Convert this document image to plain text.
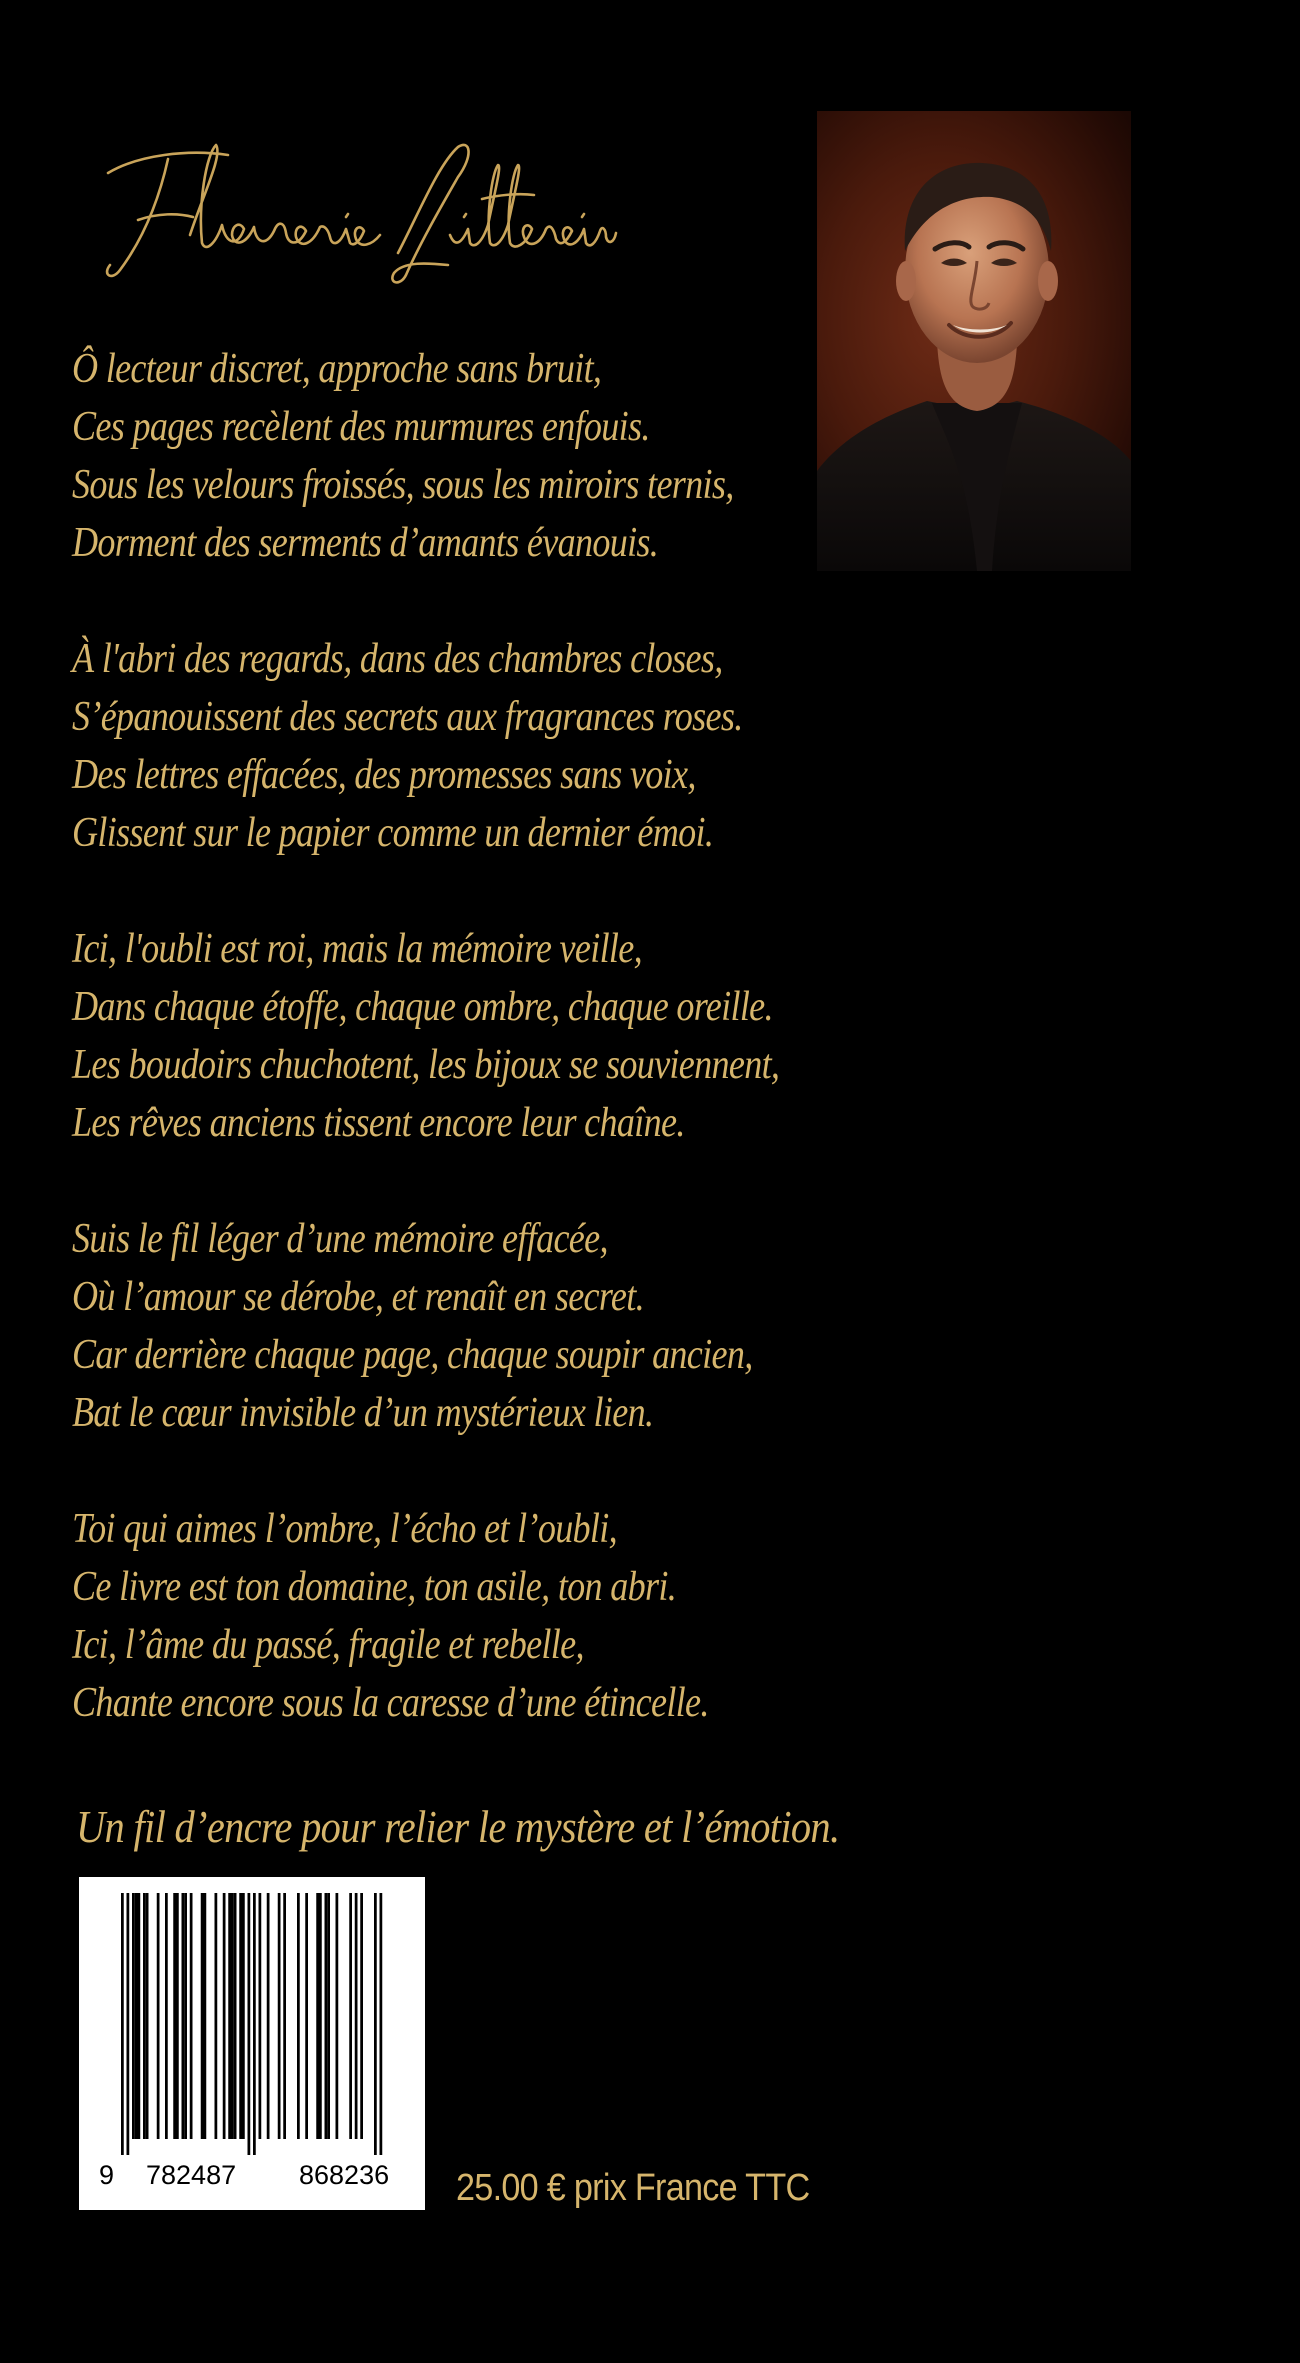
Ô lecteur discret, approche sans bruit,
Ces pages recèlent des murmures enfouis.
Sous les velours froissés, sous les miroirs ternis,
Dorment des serments d’amants évanouis.
À l'abri des regards, dans des chambres closes,
S’épanouissent des secrets aux fragrances roses.
Des lettres effacées, des promesses sans voix,
Glissent sur le papier comme un dernier émoi.
Ici, l'oubli est roi, mais la mémoire veille,
Dans chaque étoffe, chaque ombre, chaque oreille.
Les boudoirs chuchotent, les bijoux se souviennent,
Les rêves anciens tissent encore leur chaîne.
Suis le fil léger d’une mémoire effacée,
Où l’amour se dérobe, et renaît en secret.
Car derrière chaque page, chaque soupir ancien,
Bat le cœur invisible d’un mystérieux lien.
Toi qui aimes l’ombre, l’écho et l’oubli,
Ce livre est ton domaine, ton asile, ton abri.
Ici, l’âme du passé, fragile et rebelle,
Chante encore sous la caresse d’une étincelle.
Un fil d’encre pour relier le mystère et l’émotion.
9 782487 868236 25.00 € prix France TTC
